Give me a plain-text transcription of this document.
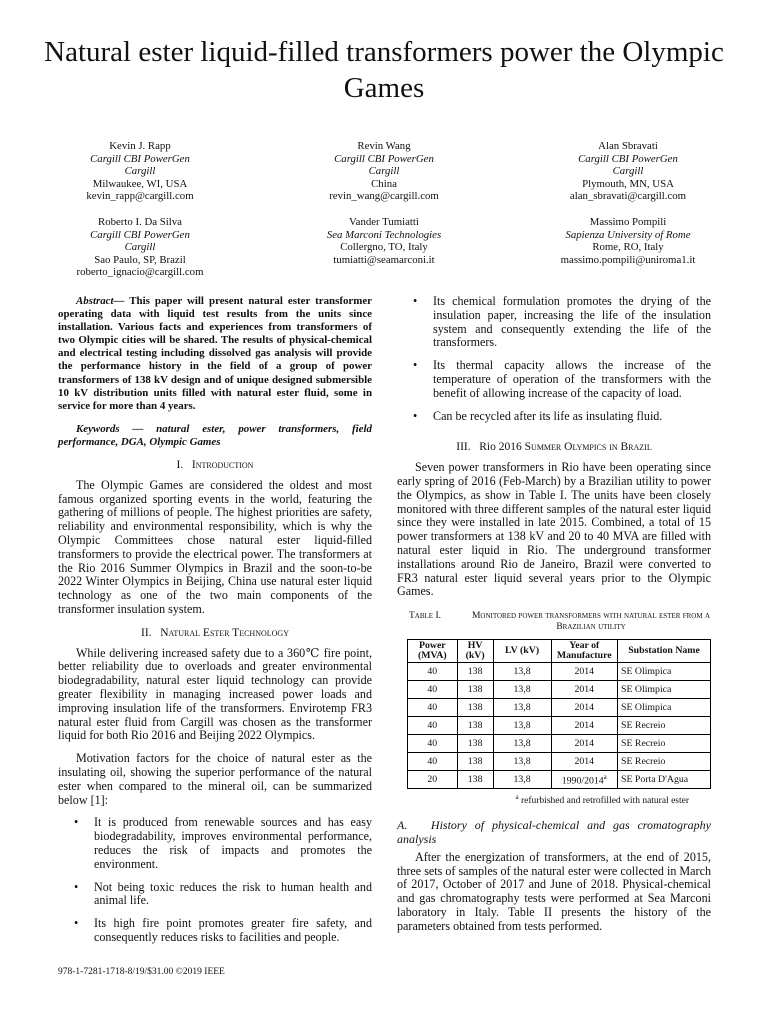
Natural ester liquid-filled transformers power the Olympic Games
Kevin J. Rapp
Cargill CBI PowerGen
Cargill
Milwaukee, WI, USA
kevin_rapp@cargill.com
Revin Wang
Cargill CBI PowerGen
Cargill
China
revin_wang@cargill.com
Alan Sbravati
Cargill CBI PowerGen
Cargill
Plymouth, MN, USA
alan_sbravati@cargill.com
Roberto I. Da Silva
Cargill CBI PowerGen
Cargill
Sao Paulo, SP, Brazil
roberto_ignacio@cargill.com
Vander Tumiatti
Sea Marconi Technologies
Collergno, TO, Italy
tumiatti@seamarconi.it
Massimo Pompili
Sapienza University of Rome
Rome, RO, Italy
massimo.pompili@uniroma1.it

Abstract— This paper will present natural ester transformer operating data with liquid test results from the units since installation. Various facts and experiences from transformers of two Olympic cities will be shared. The results of physical-chemical and electrical testing including dissolved gas analysis will provide the performance history in the field of a group of power transformers of 138 kV design and of unique designed submersible 10 kV distribution units filled with natural ester fluid, some in service for more than 4 years.

Keywords — natural ester, power transformers, field performance, DGA, Olympic Games

I. Introduction

The Olympic Games are considered the oldest and most famous organized sporting events in the world, featuring the gathering of millions of people. The highest priorities are safety, reliability and environmental responsibility, which is why the Olympic Committees chose natural ester liquid-filled transformers to provide the electrical power. The transformers at the Rio 2016 Summer Olympics in Brazil and the soon-to-be 2022 Winter Olympics in Beijing, China use natural ester liquid technology as one of the two main components of the transformer insulation system.

II. Natural Ester Technology

While delivering increased safety due to a 360℃ fire point, better reliability due to overloads and greater environmental biodegradability, natural ester liquid technology can provide greater flexibility in managing increased power loads and improving insulation life of the transformers. Envirotemp FR3 natural ester fluid from Cargill was chosen as the transformer liquid for both Rio 2016 and Beijing 2022 Olympics.

Motivation factors for the choice of natural ester as the insulating oil, showing the superior performance of the natural ester when compared to the mineral oil, can be summarized below [1]:

• It is produced from renewable sources and has easy biodegradability, improves environmental performance, reduces the risk of impacts and promotes the environment.
• Not being toxic reduces the risk to human health and animal life.
• Its high fire point promotes greater fire safety, and consequently reduces risks to facilities and people.
• Its chemical formulation promotes the drying of the insulation paper, increasing the life of the insulation system and consequently extending the life of the transformers.
• Its thermal capacity allows the increase of the temperature of operation of the transformers with the benefit of allowing increase of the capacity of load.
• Can be recycled after its life as insulating fluid.
III. Rio 2016 Summer Olympics in Brazil

Seven power transformers in Rio have been operating since early spring of 2016 (Feb-March) by a Brazilian utility to power the Olympics, as show in Table I. The units have been closely monitored with three different samples of the natural ester liquid since they were installed in late 2015. Combined, a total of 15 power transformers at 138 kV and 20 to 40 MVA are filled with natural ester liquid in Rio. The underground transformer installations around Rio de Janeiro, Brazil were converted to FR3 natural ester liquid several years prior to the Olympic Games.

Table I.	Monitored power transformers with natural ester from a Brazilian utility
Power (MVA)	HV (kV)	LV (kV)	Year of Manufacture	Substation Name
40	138	13,8	2014	SE Olimpica
40	138	13,8	2014	SE Olimpica
40	138	13,8	2014	SE Olimpica
40	138	13,8	2014	SE Recreio
40	138	13,8	2014	SE Recreio
40	138	13,8	2014	SE Recreio
20	138	13,8	1990/2014$^a$	SE Porta D'Agua
$^a$ refurbished and retrofilled with natural ester
A. History of physical-chemical and gas cromatography analysis

After the energization of transformers, at the end of 2015, three sets of samples of the natural ester were collected in March of 2017, October of 2017 and June of 2018. Physical-chemical and gas chromatography tests were performed at Sea Marconi laboratory in Italy. Table II presents the history of the parameters obtained from tests performed.

978-1-7281-1718-8/19/$31.00 ©2019 IEEE
